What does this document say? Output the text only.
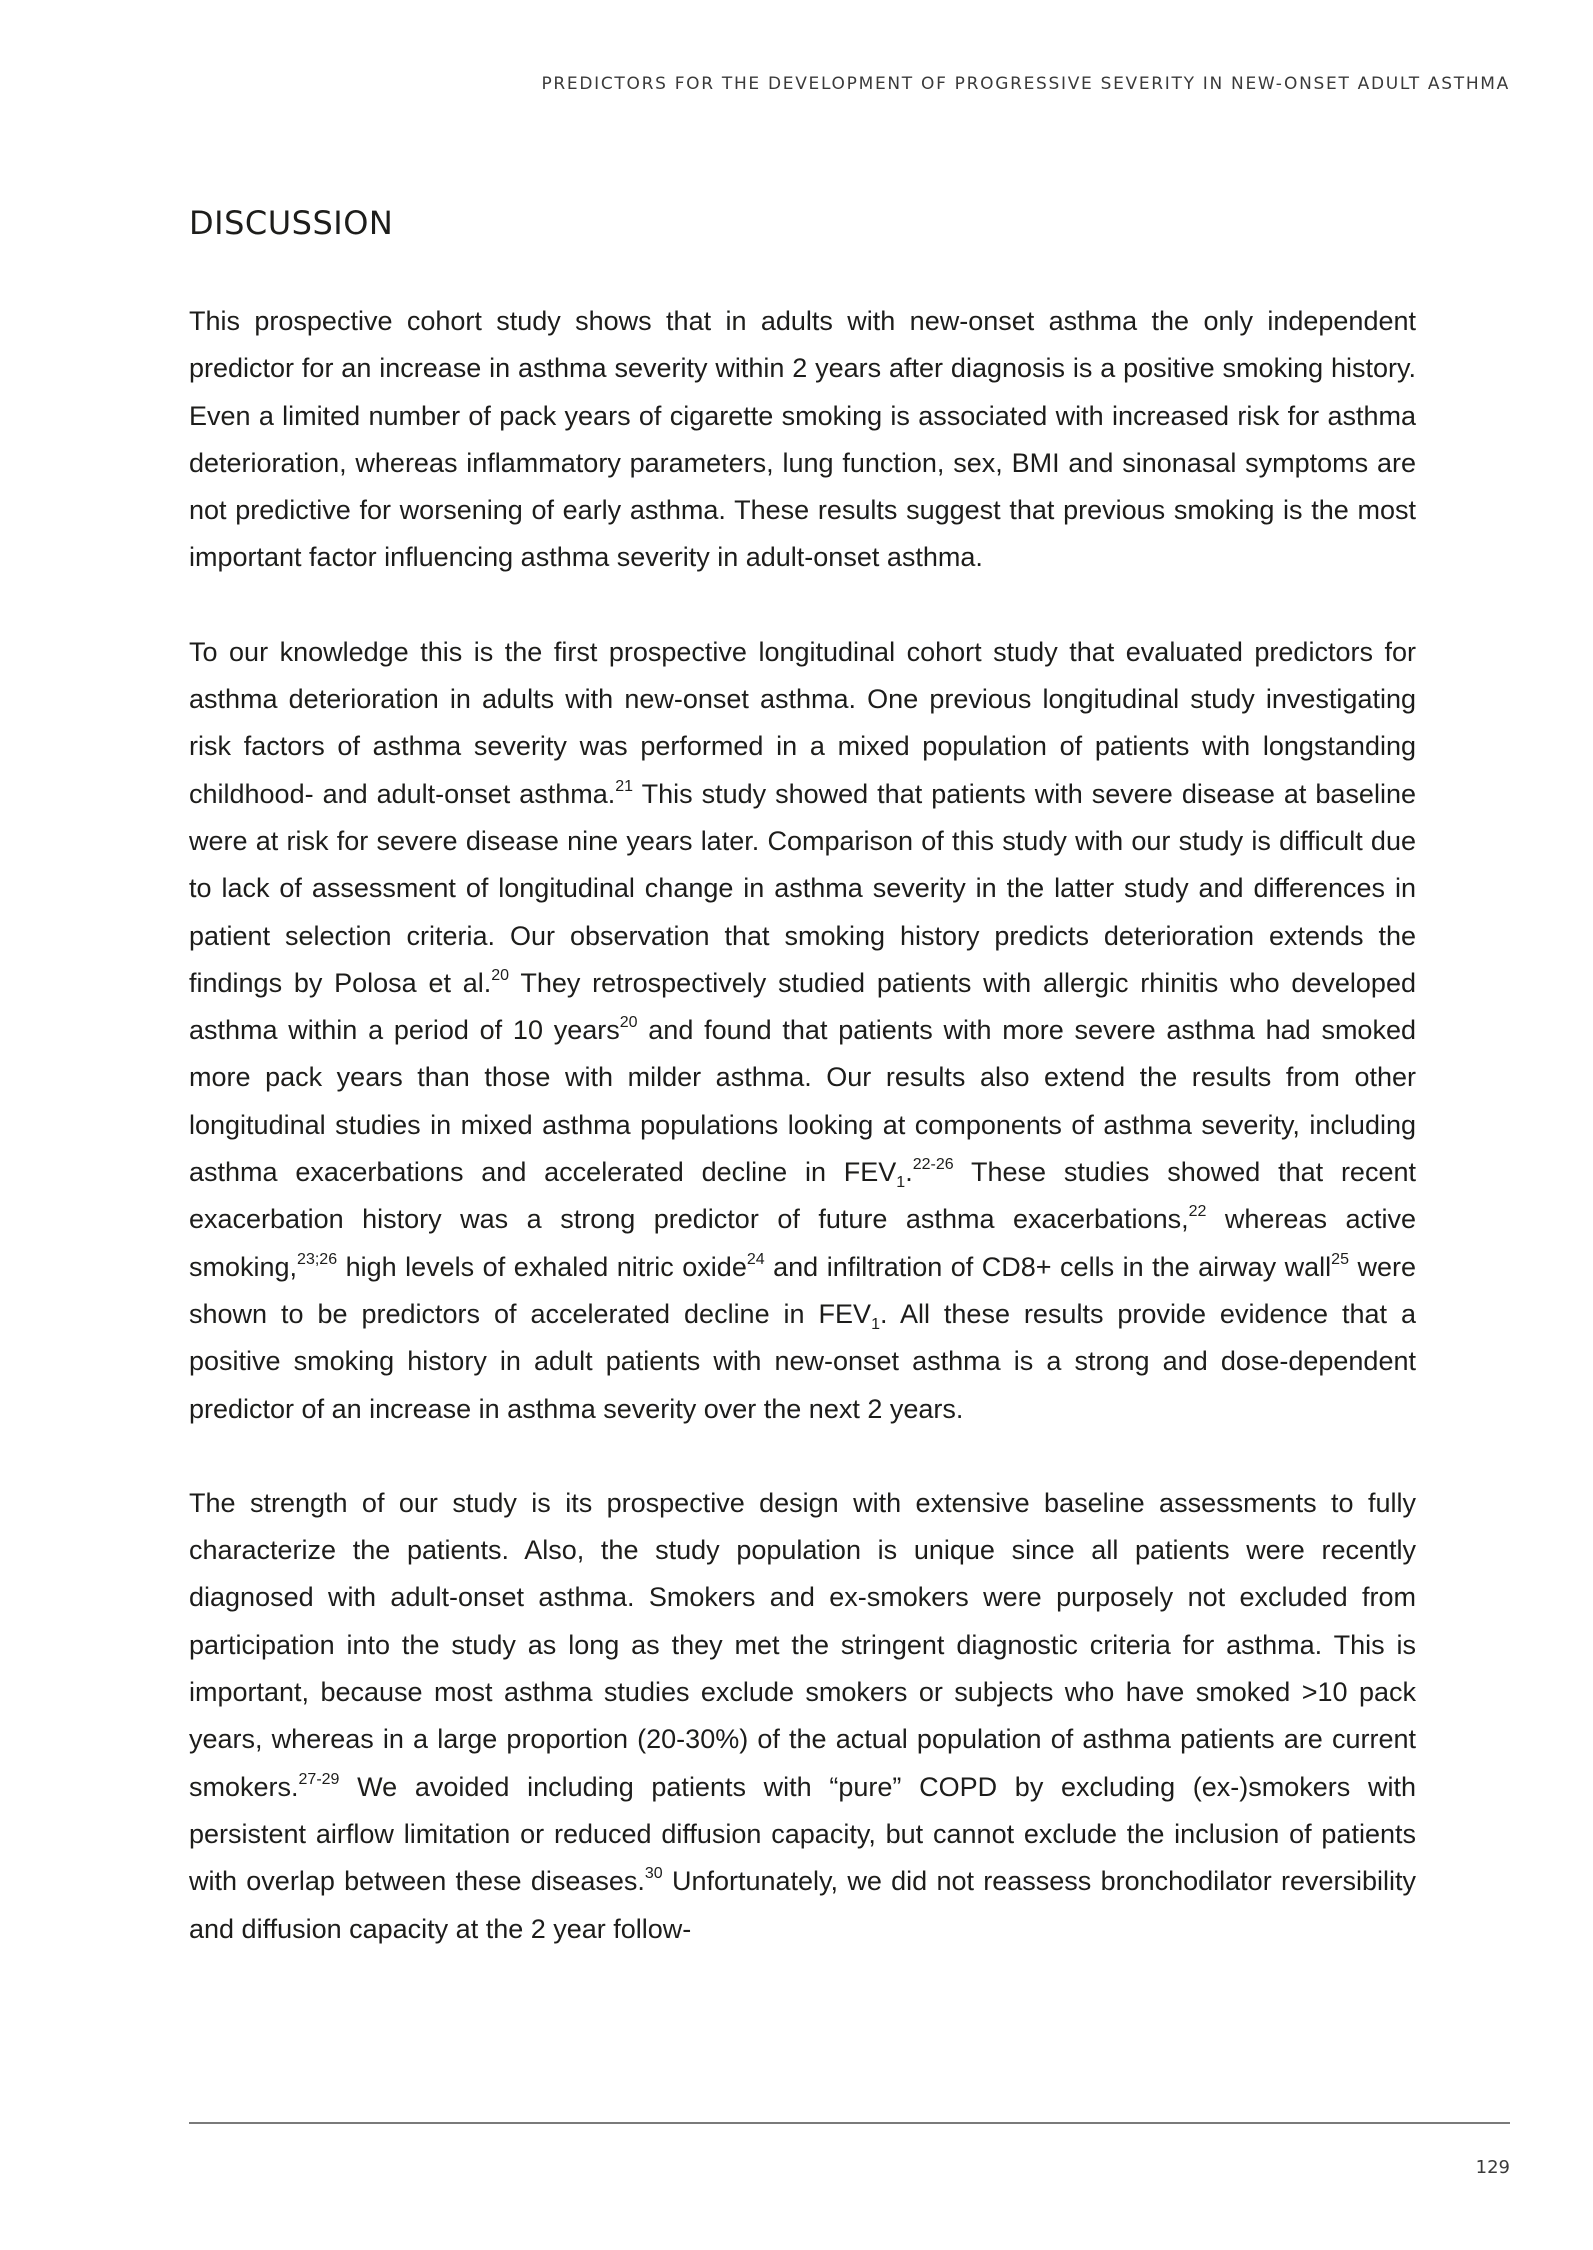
PREDICTORS FOR THE DEVELOPMENT OF PROGRESSIVE SEVERITY IN NEW-ONSET ADULT ASTHMA
DISCUSSION

This prospective cohort study shows that in adults with new-onset asthma the only independent predictor for an increase in asthma severity within 2 years after diagnosis is a positive smoking history. Even a limited number of pack years of cigarette smoking is associated with increased risk for asthma deterioration, whereas inflammatory parameters, lung function, sex, BMI and sinonasal symptoms are not predictive for worsening of early asthma. These results suggest that previous smoking is the most important factor influencing asthma severity in adult-onset asthma.

To our knowledge this is the first prospective longitudinal cohort study that evaluated predictors for asthma deterioration in adults with new-onset asthma. One previous longitudinal study investigating risk factors of asthma severity was performed in a mixed population of patients with longstanding childhood- and adult-onset asthma.$^{21}$ This study showed that patients with severe disease at baseline were at risk for severe disease nine years later. Comparison of this study with our study is difficult due to lack of assessment of longitudinal change in asthma severity in the latter study and differences in patient selection criteria. Our observation that smoking history predicts deterioration extends the findings by Polosa et al.$^{20}$ They retrospectively studied patients with allergic rhinitis who developed asthma within a period of 10 years$^{20}$ and found that patients with more severe asthma had smoked more pack years than those with milder asthma. Our results also extend the results from other longitudinal studies in mixed asthma populations looking at components of asthma severity, including asthma exacerbations and accelerated decline in $FEV_1.^{22-26}$ These studies showed that recent exacerbation history was a strong predictor of future asthma exacerbations,$^{22}$ whereas active smoking,$^{23;26}$ high levels of exhaled nitric oxide$^{24}$ and infiltration of CD8+ cells in the airway wall$^{25}$ were shown to be predictors of accelerated decline in $FEV_1$. All these results provide evidence that a positive smoking history in adult patients with new-onset asthma is a strong and dose-dependent predictor of an increase in asthma severity over the next 2 years.

The strength of our study is its prospective design with extensive baseline assessments to fully characterize the patients. Also, the study population is unique since all patients were recently diagnosed with adult-onset asthma. Smokers and ex-smokers were purposely not excluded from participation into the study as long as they met the stringent diagnostic criteria for asthma. This is important, because most asthma studies exclude smokers or subjects who have smoked >10 pack years, whereas in a large proportion (20-30%) of the actual population of asthma patients are current smokers.$^{27-29}$ We avoided including patients with “pure” COPD by excluding (ex-)smokers with persistent airflow limitation or reduced diffusion capacity, but cannot exclude the inclusion of patients with overlap between these diseases.$^{30}$ Unfortunately, we did not reassess bronchodilator reversibility and diffusion capacity at the 2 year follow-

129
